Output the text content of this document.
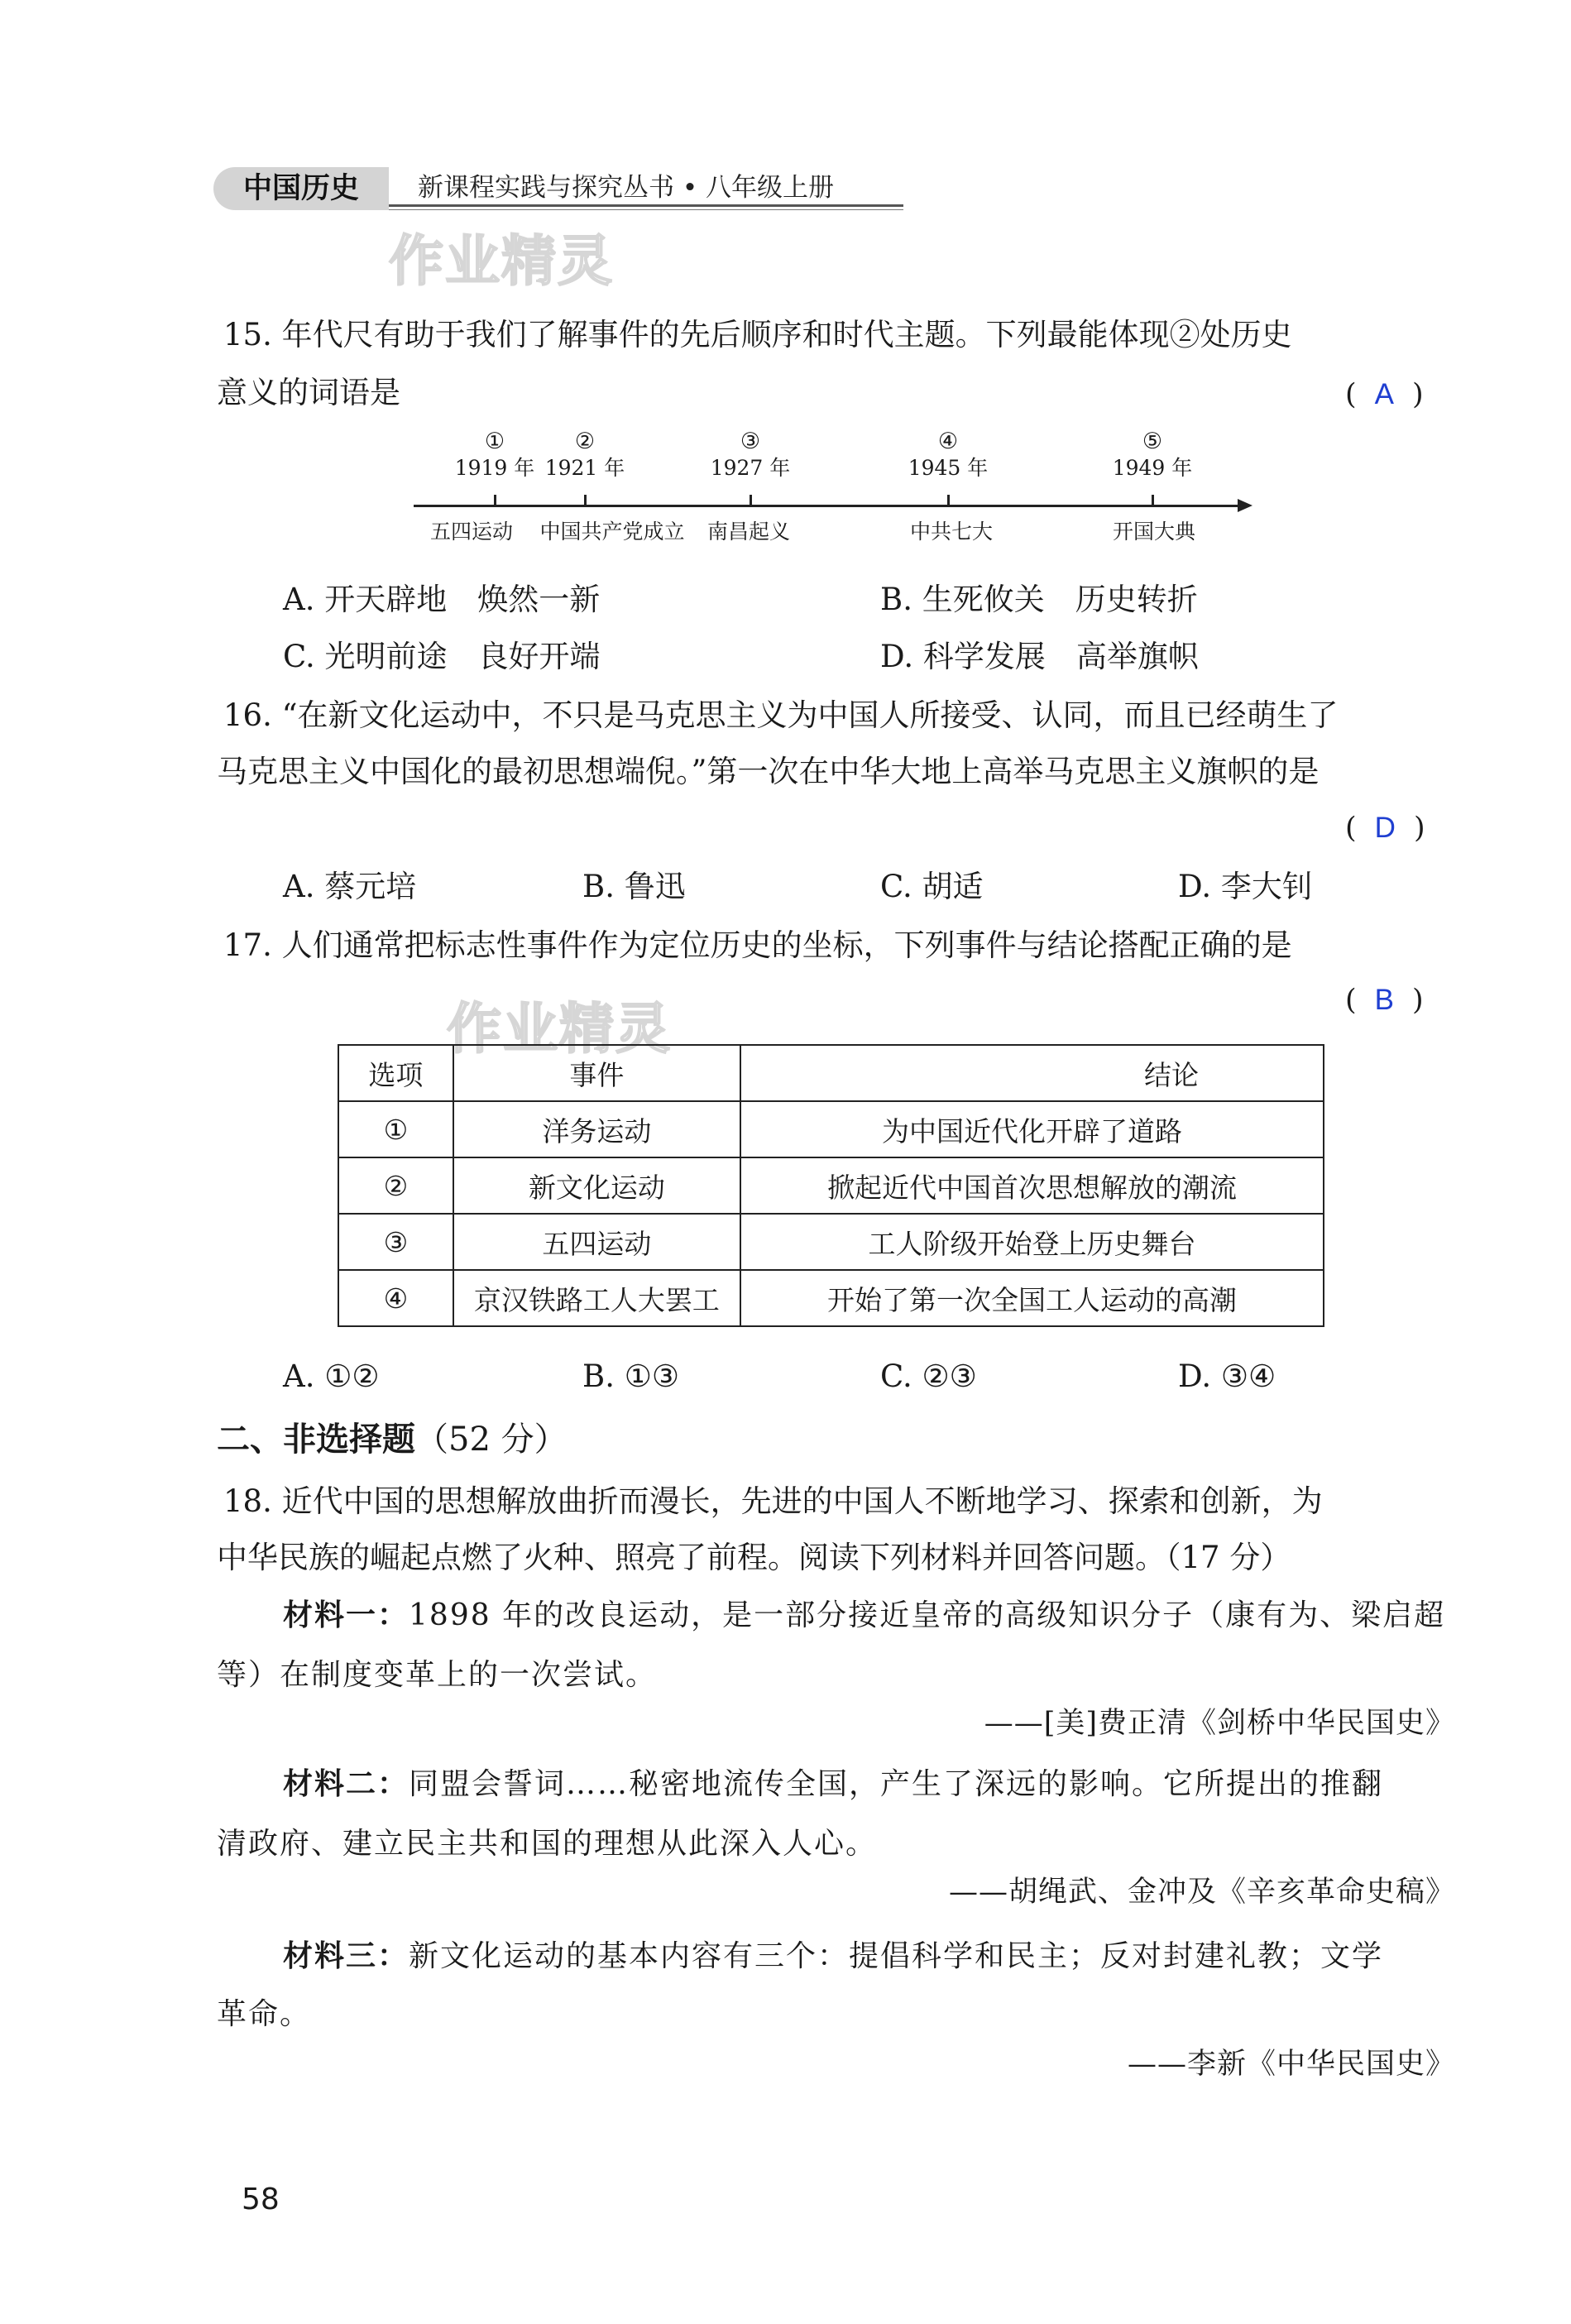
中国历史	新课程实践与探究丛书 • 八年级上册
作业精灵
15. 年代尺有助于我们了解事件的先后顺序和时代主题。下列最能体现②处历史
意义的词语是	( A )
①	②	③	④	⑤
1919 年 1921 年	1927 年	1945 年	1949 年
五四运动	中国共产党成立	南昌起义	中共七大	开国大典
A. 开天辟地　焕然一新	B. 生死攸关　历史转折
C. 光明前途　良好开端	D. 科学发展　高举旗帜
16. “在新文化运动中，不只是马克思主义为中国人所接受、认同，而且已经萌生了
马克思主义中国化的最初思想端倪。”第一次在中华大地上高举马克思主义旗帜的是
( D )
A. 蔡元培	B. 鲁迅	C. 胡适	D. 李大钊
17. 人们通常把标志性事件作为定位历史的坐标，下列事件与结论搭配正确的是
( B )
作业精灵
选项	事件	结论
①	洋务运动	为中国近代化开辟了道路
②	新文化运动	掀起近代中国首次思想解放的潮流
③	五四运动	工人阶级开始登上历史舞台
④	京汉铁路工人大罢工	开始了第一次全国工人运动的高潮
A. ①②	B. ①③	C. ②③	D. ③④
二、非选择题（52 分）
18. 近代中国的思想解放曲折而漫长，先进的中国人不断地学习、探索和创新，为
中华民族的崛起点燃了火种、照亮了前程。阅读下列材料并回答问题。（17 分）
材料一：1898 年的改良运动，是一部分接近皇帝的高级知识分子（康有为、梁启超
等）在制度变革上的一次尝试。
——[美]费正清《剑桥中华民国史》
材料二：同盟会誓词……秘密地流传全国，产生了深远的影响。它所提出的推翻
清政府、建立民主共和国的理想从此深入人心。
——胡绳武、金冲及《辛亥革命史稿》
材料三：新文化运动的基本内容有三个：提倡科学和民主；反对封建礼教；文学
革命。
——李新《中华民国史》
58
